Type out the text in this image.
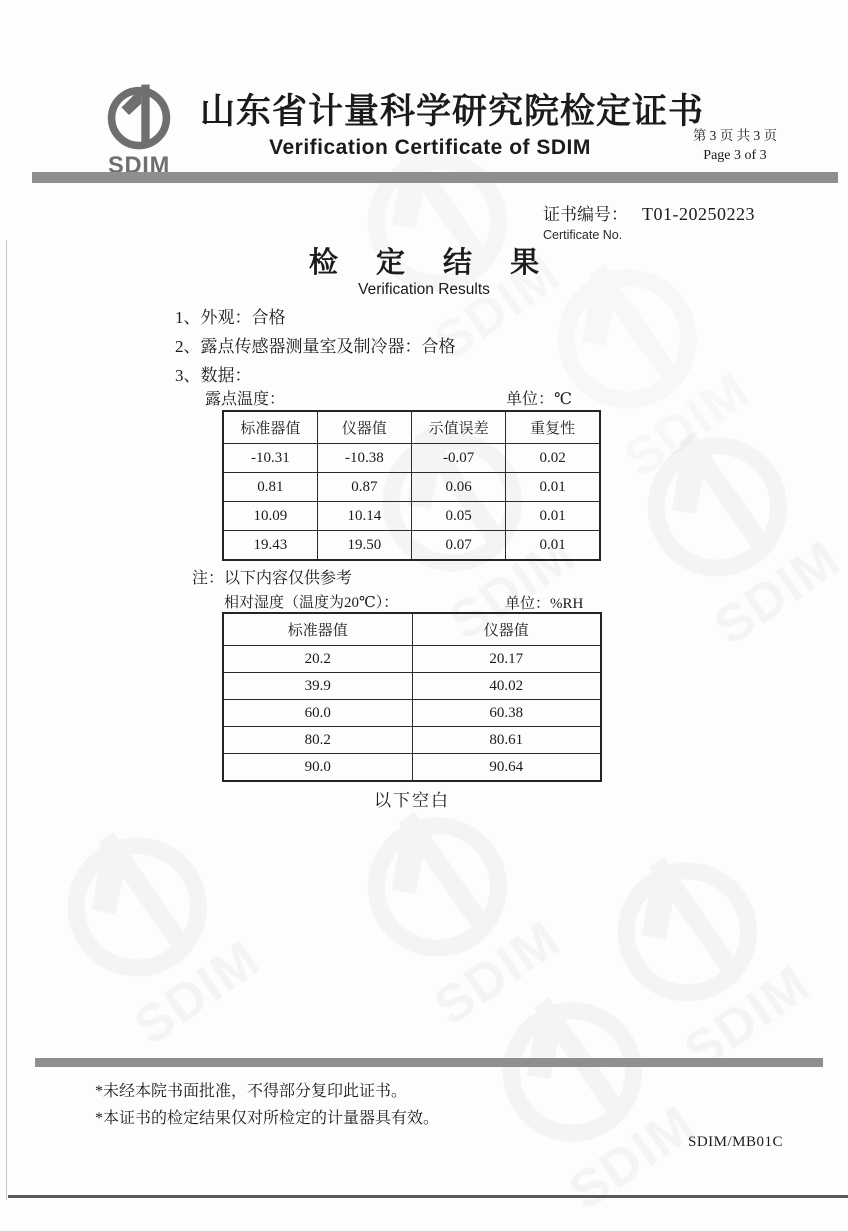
山东省计量科学研究院检定证书
Verification Certificate of SDIM
第 3 页 共 3 页
Page 3 of 3
证书编号： T01-20250223
Certificate No.
检 定 结 果
Verification Results
1、外观：合格
2、露点传感器测量室及制冷器：合格
3、数据：
露点温度：	单位：℃
标准器值	仪器值	示值误差	重复性
-10.31	-10.38	-0.07	0.02
0.81	0.87	0.06	0.01
10.09	10.14	0.05	0.01
19.43	19.50	0.07	0.01
注：以下内容仅供参考
相对湿度（温度为20℃）：	单位：%RH
标准器值	仪器值
20.2	20.17
39.9	40.02
60.0	60.38
80.2	80.61
90.0	90.64
以下空白
*未经本院书面批准，不得部分复印此证书。
*本证书的检定结果仅对所检定的计量器具有效。
SDIM/MB01C
